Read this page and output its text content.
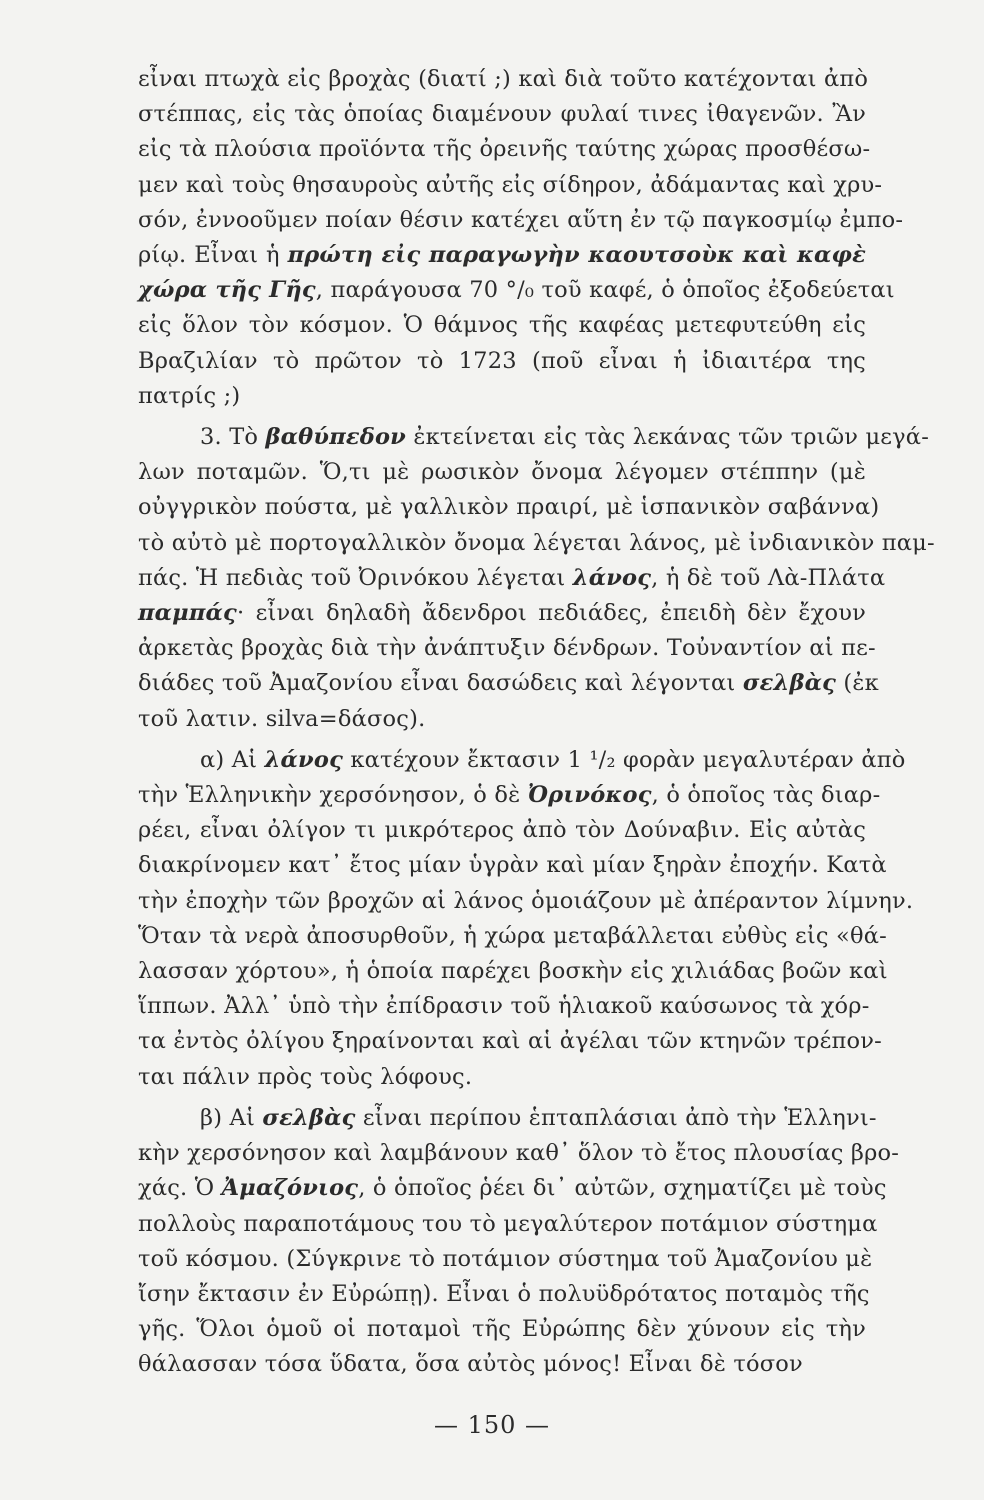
εἶναι πτωχὰ εἰς βροχὰς (διατί ;) καὶ διὰ τοῦτο κατέχονται ἀπὸ
στέππας, εἰς τὰς ὁποίας διαμένουν φυλαί τινες ἰθαγενῶν. Ἂν
εἰς τὰ πλούσια προϊόντα τῆς ὀρεινῆς ταύτης χώρας προσθέσω-
μεν καὶ τοὺς θησαυροὺς αὐτῆς εἰς σίδηρον, ἀδάμαντας καὶ χρυ-
σόν, ἐννοοῦμεν ποίαν θέσιν κατέχει αὕτη ἐν τῷ παγκοσμίῳ ἐμπο-
ρίῳ. Εἶναι ἡ πρώτη εἰς παραγωγὴν καουτσοὺκ καὶ καφὲ
χώρα τῆς Γῆς, παράγουσα 70 °/₀ τοῦ καφέ, ὁ ὁποῖος ἐξοδεύεται
εἰς ὅλον τὸν κόσμον. Ὁ θάμνος τῆς καφέας μετεφυτεύθη εἰς
Βραζιλίαν τὸ πρῶτον τὸ 1723 (ποῦ εἶναι ἡ ἰδιαιτέρα της
πατρίς ;)
3. Τὸ βαθύπεδον ἐκτείνεται εἰς τὰς λεκάνας τῶν τριῶν μεγά-
λων ποταμῶν. Ὅ,τι μὲ ρωσικὸν ὄνομα λέγομεν στέππην (μὲ
οὐγγρικὸν πούστα, μὲ γαλλικὸν πραιρί, μὲ ἱσπανικὸν σαβάννα)
τὸ αὐτὸ μὲ πορτογαλλικὸν ὄνομα λέγεται λάνος, μὲ ἰνδιανικὸν παμ-
πάς. Ἡ πεδιὰς τοῦ Ὀρινόκου λέγεται λάνος, ἡ δὲ τοῦ Λὰ-Πλάτα
παμπάς· εἶναι δηλαδὴ ἄδενδροι πεδιάδες, ἐπειδὴ δὲν ἔχουν
ἀρκετὰς βροχὰς διὰ τὴν ἀνάπτυξιν δένδρων. Τοὐναντίον αἱ πε-
διάδες τοῦ Ἀμαζονίου εἶναι δασώδεις καὶ λέγονται σελβὰς (ἐκ
τοῦ λατιν. silva=δάσος).
α) Αἱ λάνος κατέχουν ἔκτασιν 1 ¹/₂ φορὰν μεγαλυτέραν ἀπὸ
τὴν Ἑλληνικὴν χερσόνησον, ὁ δὲ Ὀρινόκος, ὁ ὁποῖος τὰς διαρ-
ρέει, εἶναι ὀλίγον τι μικρότερος ἀπὸ τὸν Δούναβιν. Εἰς αὐτὰς
διακρίνομεν κατ᾽ ἔτος μίαν ὑγρὰν καὶ μίαν ξηρὰν ἐποχήν. Κατὰ
τὴν ἐποχὴν τῶν βροχῶν αἱ λάνος ὁμοιάζουν μὲ ἀπέραντον λίμνην.
Ὅταν τὰ νερὰ ἀποσυρθοῦν, ἡ χώρα μεταβάλλεται εὐθὺς εἰς «θά-
λασσαν χόρτου», ἡ ὁποία παρέχει βοσκὴν εἰς χιλιάδας βοῶν καὶ
ἵππων. Ἀλλ᾽ ὑπὸ τὴν ἐπίδρασιν τοῦ ἡλιακοῦ καύσωνος τὰ χόρ-
τα ἐντὸς ὀλίγου ξηραίνονται καὶ αἱ ἀγέλαι τῶν κτηνῶν τρέπον-
ται πάλιν πρὸς τοὺς λόφους.
β) Αἱ σελβὰς εἶναι περίπου ἑπταπλάσιαι ἀπὸ τὴν Ἑλληνι-
κὴν χερσόνησον καὶ λαμβάνουν καθ᾽ ὅλον τὸ ἔτος πλουσίας βρο-
χάς. Ὁ Ἀμαζόνιος, ὁ ὁποῖος ῥέει δι᾽ αὐτῶν, σχηματίζει μὲ τοὺς
πολλοὺς παραποτάμους του τὸ μεγαλύτερον ποτάμιον σύστημα
τοῦ κόσμου. (Σύγκρινε τὸ ποτάμιον σύστημα τοῦ Ἀμαζονίου μὲ
ἴσην ἔκτασιν ἐν Εὐρώπῃ). Εἶναι ὁ πολυϋδρότατος ποταμὸς τῆς
γῆς. Ὅλοι ὁμοῦ οἱ ποταμοὶ τῆς Εὐρώπης δὲν χύνουν εἰς τὴν
θάλασσαν τόσα ὕδατα, ὅσα αὐτὸς μόνος! Εἶναι δὲ τόσον
— 150 —
